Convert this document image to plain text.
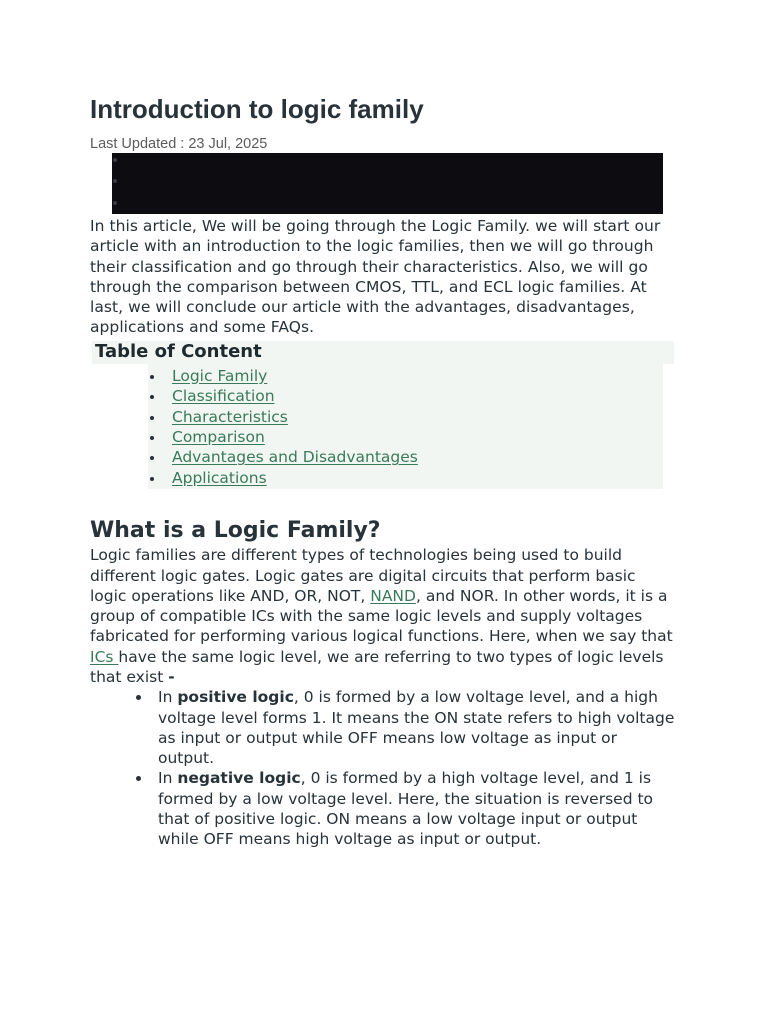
Introduction to logic family
Last Updated : 23 Jul, 2025

In this article, We will be going through the Logic Family. we will start our article with an introduction to the logic families, then we will go through their classification and go through their characteristics. Also, we will go through the comparison between CMOS, TTL, and ECL logic families. At last, we will conclude our article with the advantages, disadvantages, applications and some FAQs.

Table of Content
Logic Family
Classification
Characteristics
Comparison
Advantages and Disadvantages
Applications
What is a Logic Family?

Logic families are different types of technologies being used to build different logic gates. Logic gates are digital circuits that perform basic logic operations like AND, OR, NOT, NAND, and NOR. In other words, it is a group of compatible ICs with the same logic levels and supply voltages fabricated for performing various logical functions. Here, when we say that ICs have the same logic level, we are referring to two types of logic levels that exist -

In positive logic, 0 is formed by a low voltage level, and a high voltage level forms 1. It means the ON state refers to high voltage as input or output while OFF means low voltage as input or output.
In negative logic, 0 is formed by a high voltage level, and 1 is formed by a low voltage level. Here, the situation is reversed to that of positive logic. ON means a low voltage input or output while OFF means high voltage as input or output.
